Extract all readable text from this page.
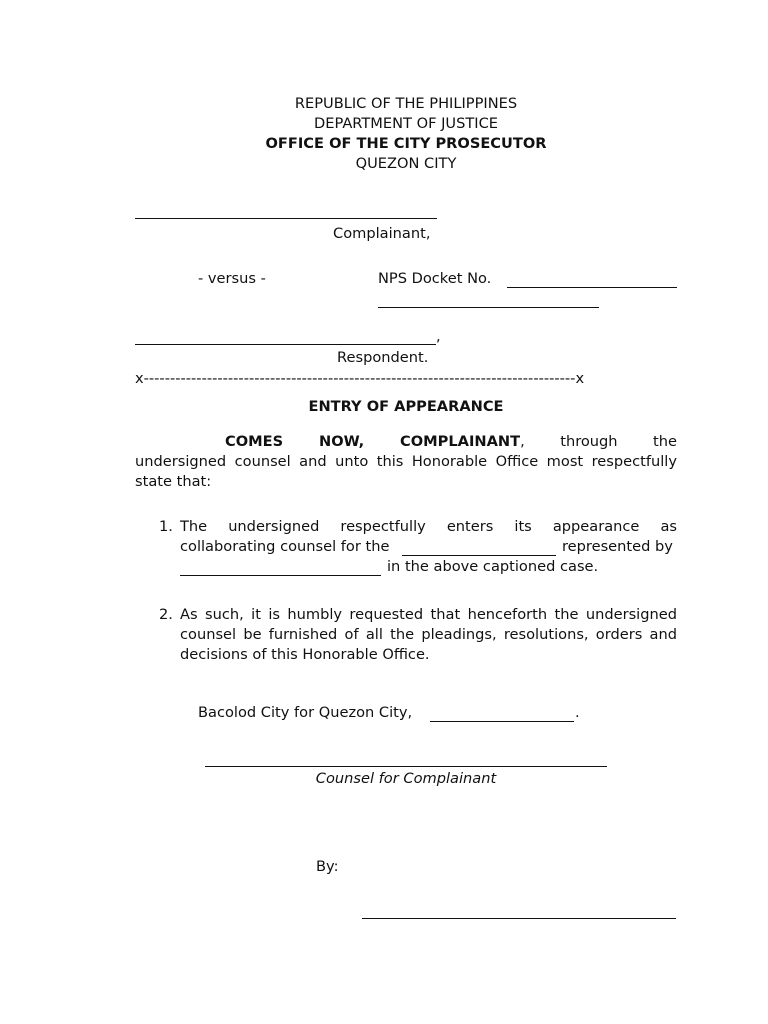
REPUBLIC OF THE PHILIPPINES
DEPARTMENT OF JUSTICE
OFFICE OF THE CITY PROSECUTOR
QUEZON CITY
Complainant,
- versus -	NPS Docket No.
,
Respondent.
x----------------------------------------------------------------------------------x
ENTRY OF APPEARANCE
COMES NOW, COMPLAINANT, through the
undersigned counsel and unto this Honorable Office most respectfully
state that:
1. The undersigned respectfully enters its appearance as
collaborating counsel for the	represented by
in the above captioned case.
2. As such, it is humbly requested that henceforth the undersigned
counsel be furnished of all the pleadings, resolutions, orders and
decisions of this Honorable Office.
Bacolod City for Quezon City,	.
Counsel for Complainant
By:
